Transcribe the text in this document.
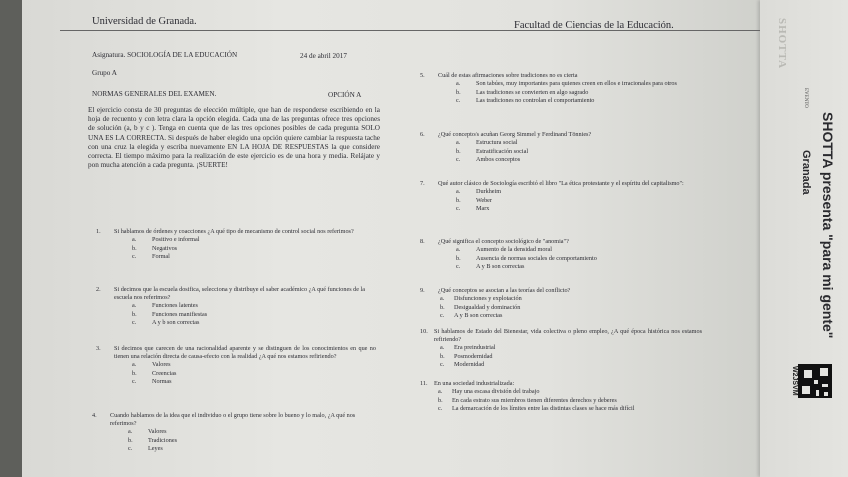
Universidad de Granada.	Facultad de Ciencias de la Educación.
Asignatura. SOCIOLOGÍA DE LA EDUCACIÓN	24 de abril 2017
Grupo A
NORMAS GENERALES DEL EXAMEN.	OPCIÓN A
El ejercicio consta de 30 preguntas de elección múltiple, que han de responderse escribiendo en la hoja de recuento y con letra clara la opción elegida. Cada una de las preguntas ofrece tres opciones de solución (a, b y c ). Tenga en cuenta que de las tres opciones posibles de cada pregunta SOLO UNA ES LA CORRECTA. Si después de haber elegido una opción quiere cambiar la respuesta tache con una cruz la elegida y escriba nuevamente EN LA HOJA DE RESPUESTAS la que considere correcta. El tiempo máximo para la realización de este ejercicio es de una hora y media. Relájate y pon mucha atención a cada pregunta. ¡SUERTE!
1.	Si hablamos de órdenes y coacciones ¿A qué tipo de mecanismo de control social nos referimos?
a.	Positivo e informal
b. Negativos
c.	Formal
2.	Si decimos que la escuela dosifica, selecciona y distribuye el saber académico ¿A qué funciones de la escuela nos referimos?
a.	Funciones latentes
b. Funciones manifiestas
c.	A y b son correctas
3.	Si decimos que carecen de una racionalidad aparente y se distinguen de los conocimientos en que no tienen una relación directa de causa-efecto con la realidad ¿A qué nos estamos refiriendo?
a.	Valores
b. Creencias
c.	Normas
4.	Cuando hablamos de la idea que el individuo o el grupo tiene sobre lo bueno y lo malo, ¿A qué nos referimos?
a.	Valores
b. Tradiciones
c.	Leyes
5.	Cuál de estas afirmaciones sobre tradiciones no es cierta
a.	Son tabúes, muy importantes para quienes creen en ellos e irracionales para otros
b. Las tradiciones se convierten en algo sagrado
c.	Las tradiciones no controlan el comportamiento
6.	¿Qué concepto/s acuñan Georg Simmel y Ferdinand Tönnies?
a.	Estructura social
b. Estratificación social
c.	Ambos conceptos
7.	Qué autor clásico de Sociología escribió el libro "La ética protestante y el espíritu del capitalismo":
a.	Durkheim
b. Weber
c.	Marx
8.	¿Qué significa el concepto sociológico de "anomia"?
a.	Aumento de la densidad moral
b. Ausencia de normas sociales de comportamiento
c.	A y B son correctas
9.	¿Qué conceptos se asocian a las teorías del conflicto?
a. Disfunciones y explotación
b. Desigualdad y dominación
c. A y B son correctas
10.	Si hablamos de Estado del Bienestar, vida colectiva o pleno empleo, ¿A qué época histórica nos estamos refiriendo?
a. Era preindustrial
b. Posmodernidad
c. Modernidad
11.	En una sociedad industrializada:
a. Hay una escasa división del trabajo
b. En cada estrato sus miembros tienen diferentes derechos y deberes
c. La demarcación de los límites entre las distintas clases se hace más difícil
SHOTTA
EVENTO
SHOTTA presenta "para mi gente"
Granada
W2JSVM
